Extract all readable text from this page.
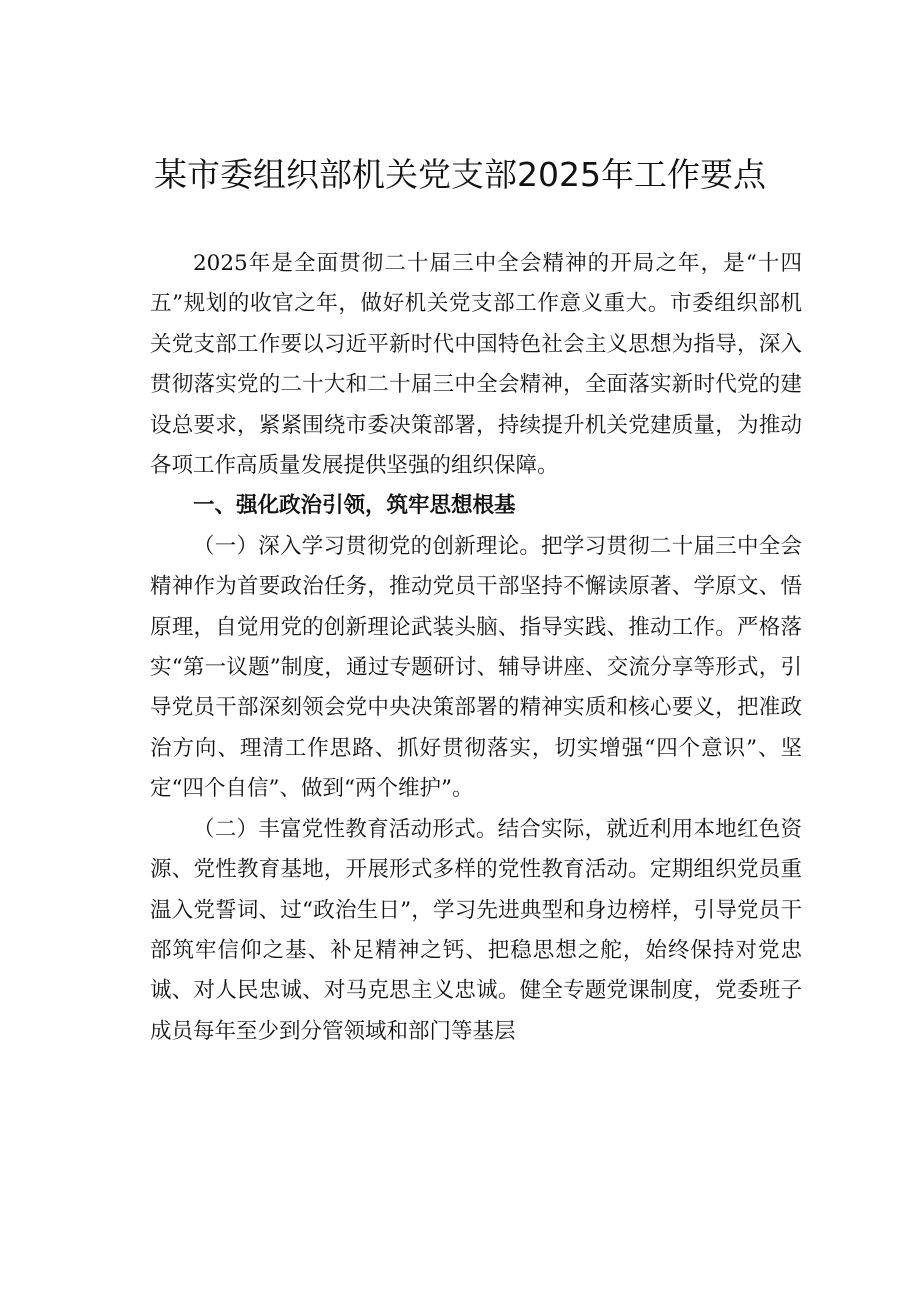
某市委组织部机关党支部2025年工作要点

2025年是全面贯彻二十届三中全会精神的开局之年，是“十四五”规划的收官之年，做好机关党支部工作意义重大。市委组织部机关党支部工作要以习近平新时代中国特色社会主义思想为指导，深入贯彻落实党的二十大和二十届三中全会精神，全面落实新时代党的建设总要求，紧紧围绕市委决策部署，持续提升机关党建质量，为推动各项工作高质量发展提供坚强的组织保障。

一、强化政治引领，筑牢思想根基

（一）深入学习贯彻党的创新理论。把学习贯彻二十届三中全会精神作为首要政治任务，推动党员干部坚持不懈读原著、学原文、悟原理，自觉用党的创新理论武装头脑、指导实践、推动工作。严格落实“第一议题”制度，通过专题研讨、辅导讲座、交流分享等形式，引导党员干部深刻领会党中央决策部署的精神实质和核心要义，把准政治方向、理清工作思路、抓好贯彻落实，切实增强“四个意识”、坚定“四个自信”、做到“两个维护”。

（二）丰富党性教育活动形式。结合实际，就近利用本地红色资源、党性教育基地，开展形式多样的党性教育活动。定期组织党员重温入党誓词、过“政治生日”，学习先进典型和身边榜样，引导党员干部筑牢信仰之基、补足精神之钙、把稳思想之舵，始终保持对党忠诚、对人民忠诚、对马克思主义忠诚。健全专题党课制度，党委班子成员每年至少到分管领域和部门等基层
